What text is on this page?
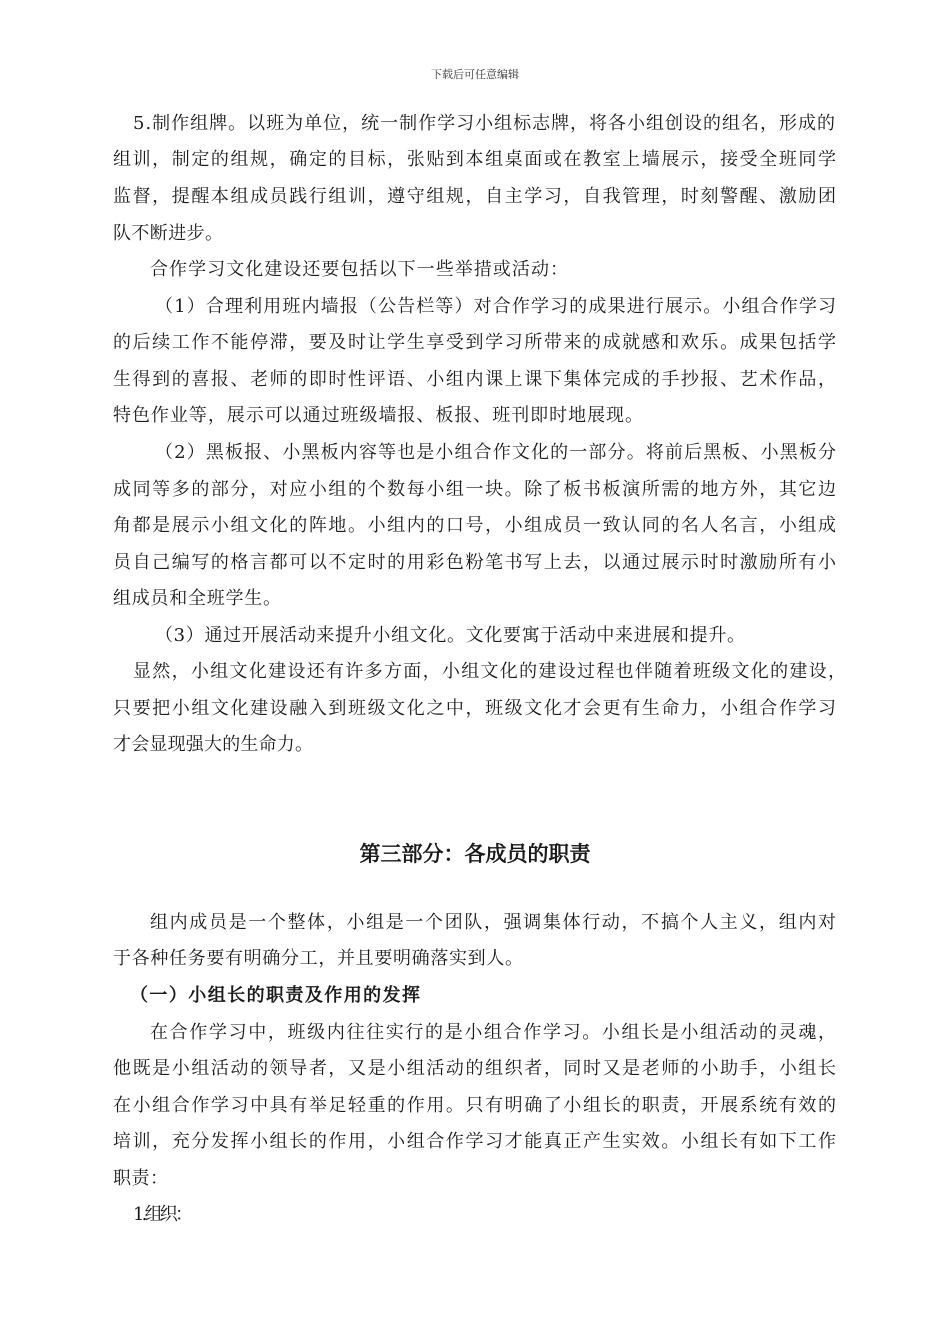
下载后可任意编辑
5.制作组牌。以班为单位，统一制作学习小组标志牌，将各小组创设的组名，形成的
组训，制定的组规，确定的目标，张贴到本组桌面或在教室上墙展示，接受全班同学
监督，提醒本组成员践行组训，遵守组规，自主学习，自我管理，时刻警醒、激励团
队不断进步。
合作学习文化建设还要包括以下一些举措或活动：
（1）合理利用班内墙报（公告栏等）对合作学习的成果进行展示。小组合作学习
的后续工作不能停滞，要及时让学生享受到学习所带来的成就感和欢乐。成果包括学
生得到的喜报、老师的即时性评语、小组内课上课下集体完成的手抄报、艺术作品，
特色作业等，展示可以通过班级墙报、板报、班刊即时地展现。
（2）黑板报、小黑板内容等也是小组合作文化的一部分。将前后黑板、小黑板分
成同等多的部分，对应小组的个数每小组一块。除了板书板演所需的地方外，其它边
角都是展示小组文化的阵地。小组内的口号，小组成员一致认同的名人名言，小组成
员自己编写的格言都可以不定时的用彩色粉笔书写上去，以通过展示时时激励所有小
组成员和全班学生。
（3）通过开展活动来提升小组文化。文化要寓于活动中来进展和提升。
显然，小组文化建设还有许多方面，小组文化的建设过程也伴随着班级文化的建设，
只要把小组文化建设融入到班级文化之中，班级文化才会更有生命力，小组合作学习
才会显现强大的生命力。
组内成员是一个整体，小组是一个团队，强调集体行动，不搞个人主义，组内对
于各种任务要有明确分工，并且要明确落实到人。
（一）小组长的职责及作用的发挥
在合作学习中，班级内往往实行的是小组合作学习。小组长是小组活动的灵魂，
他既是小组活动的领导者，又是小组活动的组织者，同时又是老师的小助手，小组长
在小组合作学习中具有举足轻重的作用。只有明确了小组长的职责，开展系统有效的
培训，充分发挥小组长的作用，小组合作学习才能真正产生实效。小组长有如下工作
职责：
1.组织：
第三部分：各成员的职责
